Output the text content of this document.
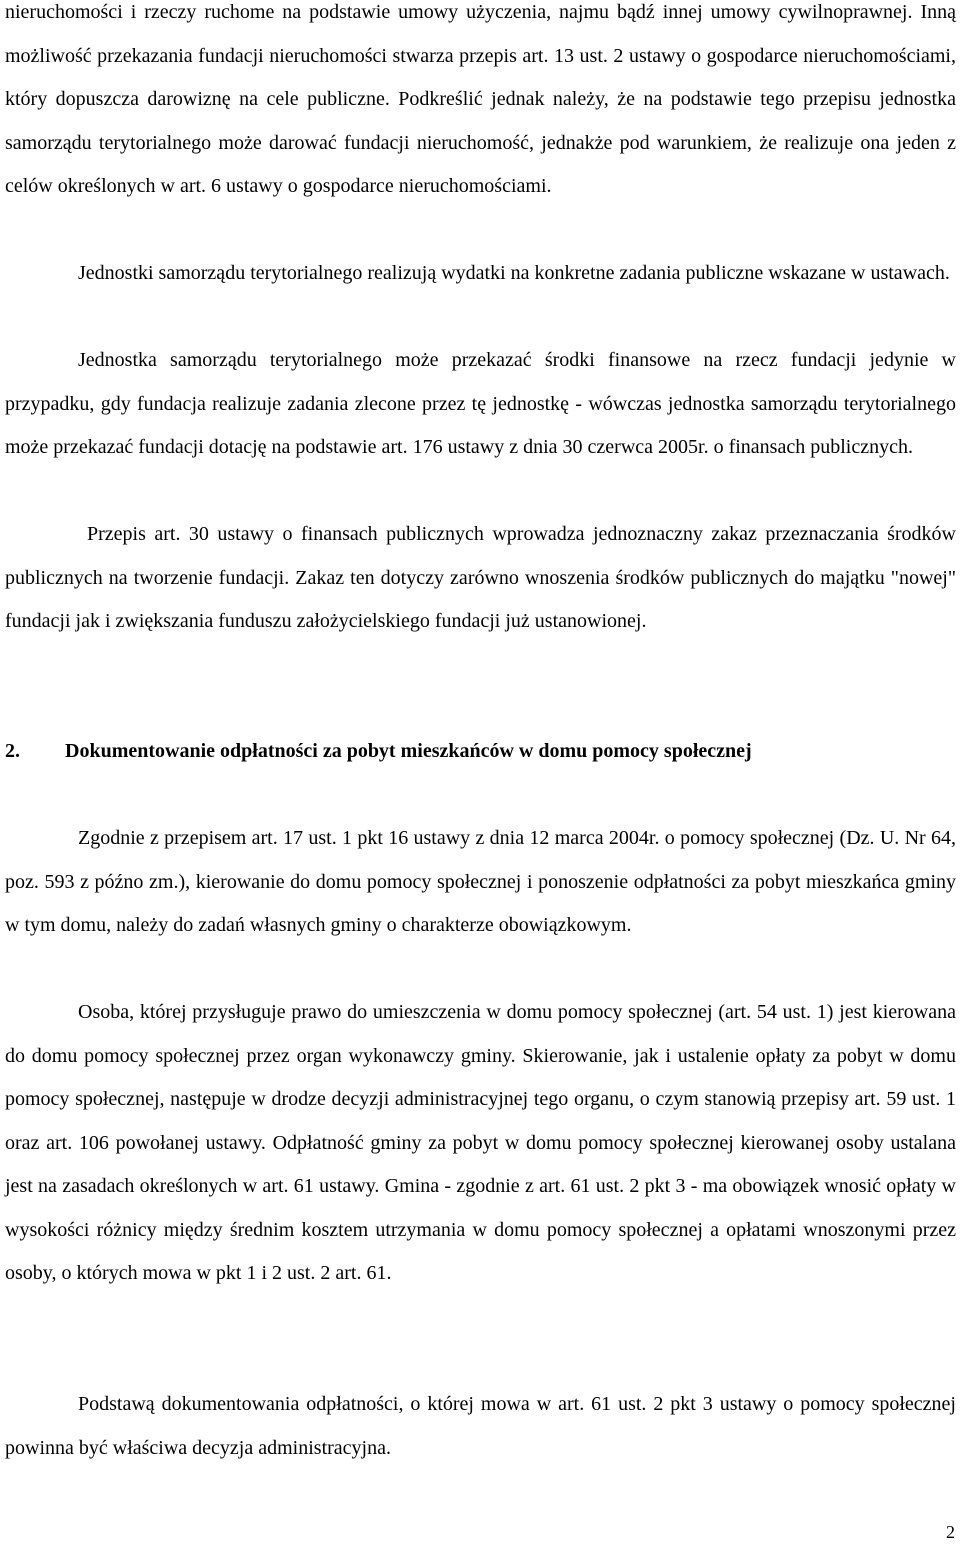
nieruchomości i rzeczy ruchome na podstawie umowy użyczenia, najmu bądź innej umowy cywilnoprawnej. Inną możliwość przekazania fundacji nieruchomości stwarza przepis art. 13 ust. 2 ustawy o gospodarce nieruchomościami, który dopuszcza darowiznę na cele publiczne. Podkreślić jednak należy, że na podstawie tego przepisu jednostka samorządu terytorialnego może darować fundacji nieruchomość, jednakże pod warunkiem, że realizuje ona jeden z celów określonych w art. 6 ustawy o gospodarce nieruchomościami.

Jednostki samorządu terytorialnego realizują wydatki na konkretne zadania publiczne wskazane w ustawach.

Jednostka samorządu terytorialnego może przekazać środki finansowe na rzecz fundacji jedynie w przypadku, gdy fundacja realizuje zadania zlecone przez tę jednostkę - wówczas jednostka samorządu terytorialnego może przekazać fundacji dotację na podstawie art. 176 ustawy z dnia 30 czerwca 2005r. o finansach publicznych.

Przepis art. 30 ustawy o finansach publicznych wprowadza jednoznaczny zakaz przeznaczania środków publicznych na tworzenie fundacji. Zakaz ten dotyczy zarówno wnoszenia środków publicznych do majątku "nowej" fundacji jak i zwiększania funduszu założycielskiego fundacji już ustanowionej.

2. Dokumentowanie odpłatności za pobyt mieszkańców w domu pomocy społecznej

Zgodnie z przepisem art. 17 ust. 1 pkt 16 ustawy z dnia 12 marca 2004r. o pomocy społecznej (Dz. U. Nr 64, poz. 593 z późno zm.), kierowanie do domu pomocy społecznej i ponoszenie odpłatności za pobyt mieszkańca gminy w tym domu, należy do zadań własnych gminy o charakterze obowiązkowym.

Osoba, której przysługuje prawo do umieszczenia w domu pomocy społecznej (art. 54 ust. 1) jest kierowana do domu pomocy społecznej przez organ wykonawczy gminy. Skierowanie, jak i ustalenie opłaty za pobyt w domu pomocy społecznej, następuje w drodze decyzji administracyjnej tego organu, o czym stanowią przepisy art. 59 ust. 1 oraz art. 106 powołanej ustawy. Odpłatność gminy za pobyt w domu pomocy społecznej kierowanej osoby ustalana jest na zasadach określonych w art. 61 ustawy. Gmina - zgodnie z art. 61 ust. 2 pkt 3 - ma obowiązek wnosić opłaty w wysokości różnicy między średnim kosztem utrzymania w domu pomocy społecznej a opłatami wnoszonymi przez osoby, o których mowa w pkt 1 i 2 ust. 2 art. 61.

Podstawą dokumentowania odpłatności, o której mowa w art. 61 ust. 2 pkt 3 ustawy o pomocy społecznej powinna być właściwa decyzja administracyjna.

2
